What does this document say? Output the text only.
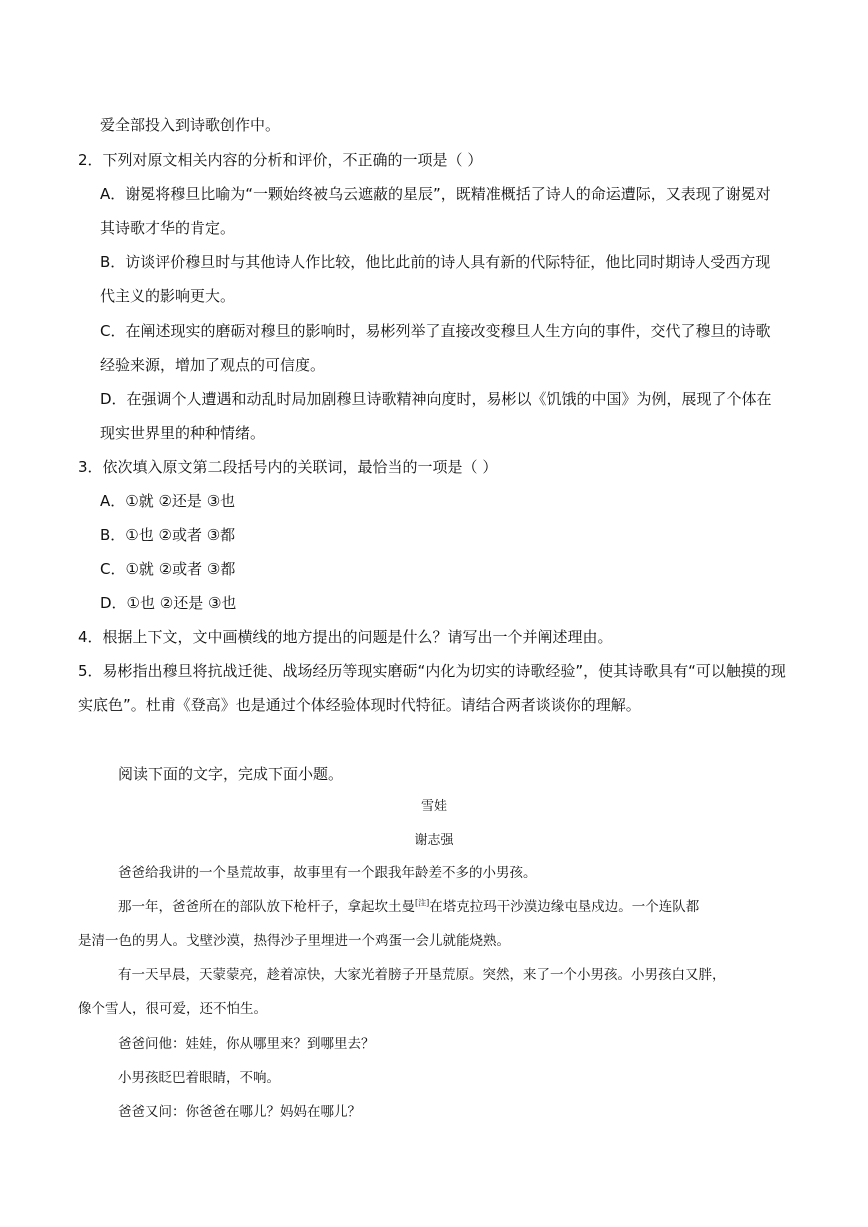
爱全部投入到诗歌创作中。
2．下列对原文相关内容的分析和评价，不正确的一项是（ ）
A．谢冕将穆旦比喻为“一颗始终被乌云遮蔽的星辰”，既精准概括了诗人的命运遭际，又表现了谢冕对
其诗歌才华的肯定。
B．访谈评价穆旦时与其他诗人作比较，他比此前的诗人具有新的代际特征，他比同时期诗人受西方现
代主义的影响更大。
C．在阐述现实的磨砺对穆旦的影响时，易彬列举了直接改变穆旦人生方向的事件，交代了穆旦的诗歌
经验来源，增加了观点的可信度。
D．在强调个人遭遇和动乱时局加剧穆旦诗歌精神向度时，易彬以《饥饿的中国》为例，展现了个体在
现实世界里的种种情绪。
3．依次填入原文第二段括号内的关联词，最恰当的一项是（ ）
A．①就 ②还是 ③也
B．①也 ②或者 ③都
C．①就 ②或者 ③都
D．①也 ②还是 ③也
4．根据上下文，文中画横线的地方提出的问题是什么？请写出一个并阐述理由。
5．易彬指出穆旦将抗战迁徙、战场经历等现实磨砺“内化为切实的诗歌经验”，使其诗歌具有“可以触摸的现
实底色”。杜甫《登高》也是通过个体经验体现时代特征。请结合两者谈谈你的理解。
阅读下面的文字，完成下面小题。
雪娃
谢志强
爸爸给我讲的一个垦荒故事，故事里有一个跟我年龄差不多的小男孩。
那一年，爸爸所在的部队放下枪杆子，拿起坎土曼[注]在塔克拉玛干沙漠边缘屯垦戍边。一个连队都
是清一色的男人。戈壁沙漠，热得沙子里埋进一个鸡蛋一会儿就能烧熟。
有一天早晨，天蒙蒙亮，趁着凉快，大家光着膀子开垦荒原。突然，来了一个小男孩。小男孩白又胖，
像个雪人，很可爱，还不怕生。
爸爸问他：娃娃，你从哪里来？到哪里去？
小男孩眨巴着眼睛，不响。
爸爸又问：你爸爸在哪儿？妈妈在哪儿？
